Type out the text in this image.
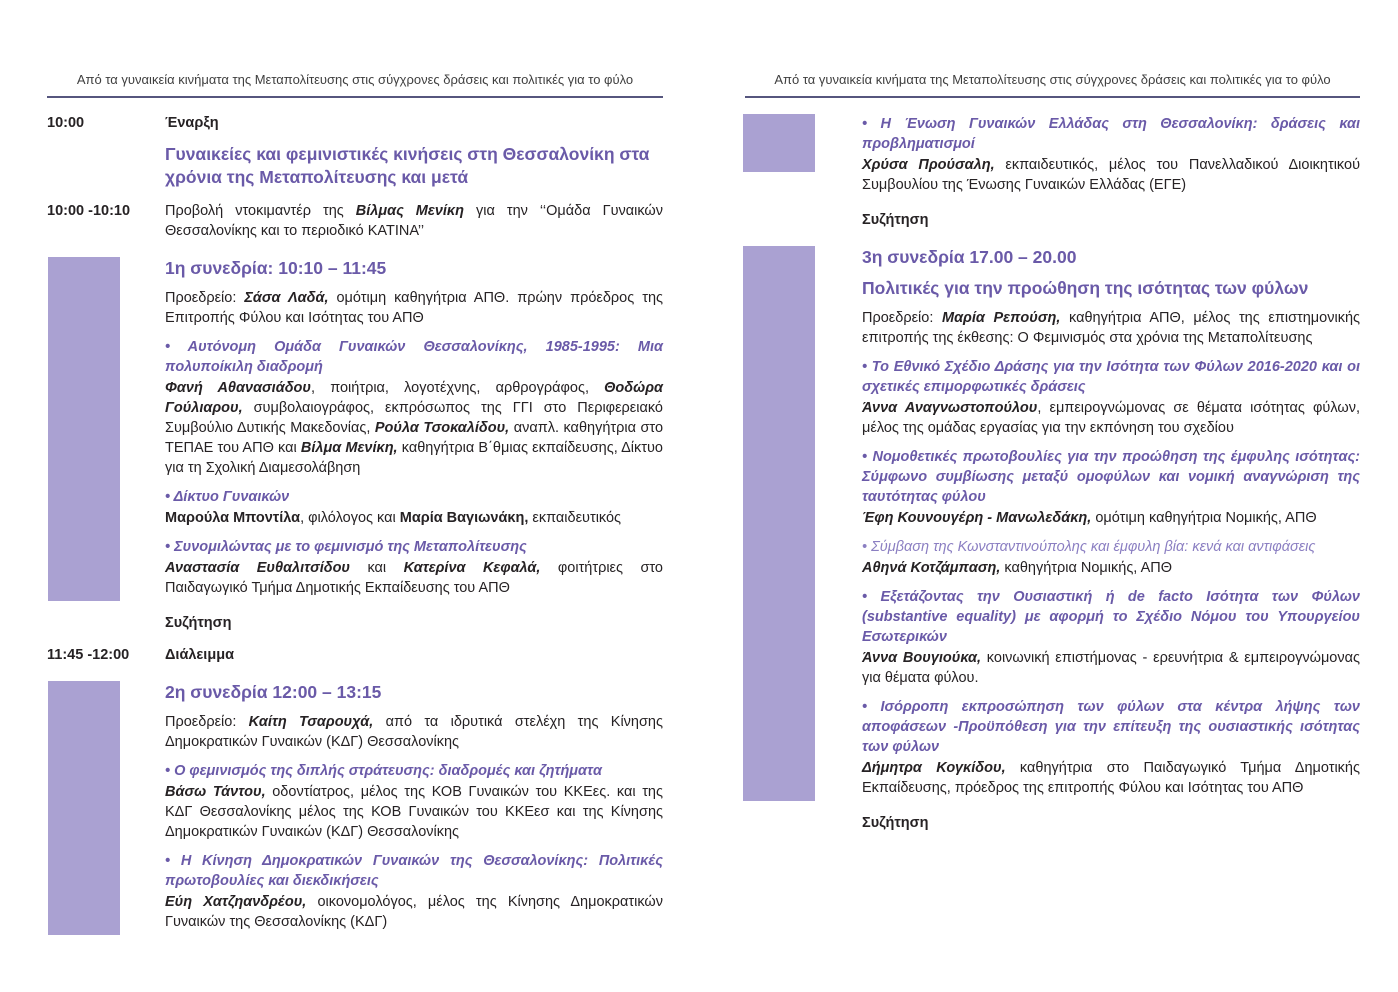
Από τα γυναικεία κινήματα της Μεταπολίτευσης στις σύγχρονες δράσεις και πολιτικές για το φύλο
10:00	Έναρξη
Γυναικείες και φεμινιστικές κινήσεις στη Θεσσαλονίκη στα χρόνια της Μεταπολίτευσης και μετά
10:00 -10:10	Προβολή ντοκιμαντέρ της Βίλμας Μενίκη για την ‘‘Ομάδα Γυναικών Θεσσαλονίκης και το περιοδικό ΚΑΤΙΝΑ’’
1η συνεδρία: 10:10 – 11:45

Προεδρείο: Σάσα Λαδά, ομότιμη καθηγήτρια ΑΠΘ. πρώην πρόεδρος της Επιτροπής Φύλου και Ισότητας του ΑΠΘ

• Αυτόνομη Ομάδα Γυναικών Θεσσαλονίκης, 1985-1995: Μια πολυποίκιλη διαδρομή

Φανή Αθανασιάδου, ποιήτρια, λογοτέχνης, αρθρογράφος, Θοδώρα Γούλιαρου, συμβολαιογράφος, εκπρόσωπος της ΓΓΙ στο Περιφερειακό Συμβούλιο Δυτικής Μακεδονίας, Ρούλα Τσοκαλίδου, αναπλ. καθηγήτρια στο ΤΕΠΑΕ του ΑΠΘ και Βίλμα Μενίκη, καθηγήτρια Β΄θμιας εκπαίδευσης, Δίκτυο για τη Σχολική Διαμεσολάβηση

• Δίκτυο Γυναικών

Μαρούλα Μποντίλα, φιλόλογος και Μαρία Βαγιωνάκη, εκπαιδευτικός

• Συνομιλώντας με το φεμινισμό της Μεταπολίτευσης

Αναστασία Ευθαλιτσίδου και Κατερίνα Κεφαλά, φοιτήτριες στο Παιδαγωγικό Τμήμα Δημοτικής Εκπαίδευσης του ΑΠΘ

Συζήτηση
11:45 -12:00	Διάλειμμα
2η συνεδρία 12:00 – 13:15

Προεδρείο: Καίτη Τσαρουχά, από τα ιδρυτικά στελέχη της Κίνησης Δημοκρατικών Γυναικών (ΚΔΓ) Θεσσαλονίκης

• Ο φεμινισμός της διπλής στράτευσης: διαδρομές και ζητήματα

Βάσω Τάντου, οδοντίατρος, μέλος της ΚΟΒ Γυναικών του ΚΚΕες. και της ΚΔΓ Θεσσαλονίκης μέλος της ΚΟΒ Γυναικών του ΚΚΕεσ και της Κίνησης Δημοκρατικών Γυναικών (ΚΔΓ) Θεσσαλονίκης

• Η Κίνηση Δημοκρατικών Γυναικών της Θεσσαλονίκης: Πολιτικές πρωτοβουλίες και διεκδικήσεις

Εύη Χατζηανδρέου, οικονομολόγος, μέλος της Κίνησης Δημοκρατικών Γυναικών της Θεσσαλονίκης (ΚΔΓ)

Από τα γυναικεία κινήματα της Μεταπολίτευσης στις σύγχρονες δράσεις και πολιτικές για το φύλο

• Η Ένωση Γυναικών Ελλάδας στη Θεσσαλονίκη: δράσεις και προβληματισμοί

Χρύσα Προύσαλη, εκπαιδευτικός, μέλος του Πανελλαδικού Διοικητικού Συμβουλίου της Ένωσης Γυναικών Ελλάδας (ΕΓΕ)

Συζήτηση
3η συνεδρία 17.00 – 20.00
Πολιτικές για την προώθηση της ισότητας των φύλων

Προεδρείο: Μαρία Ρεπούση, καθηγήτρια ΑΠΘ, μέλος της επιστημονικής επιτροπής της έκθεσης: Ο Φεμινισμός στα χρόνια της Μεταπολίτευσης

• Το Εθνικό Σχέδιο Δράσης για την Ισότητα των Φύλων 2016-2020 και οι σχετικές επιμορφωτικές δράσεις

Άννα Αναγνωστοπούλου, εμπειρογνώμονας σε θέματα ισότητας φύλων, μέλος της ομάδας εργασίας για την εκπόνηση του σχεδίου

• Νομοθετικές πρωτοβουλίες για την προώθηση της έμφυλης ισότητας: Σύμφωνο συμβίωσης μεταξύ ομοφύλων και νομική αναγνώριση της ταυτότητας φύλου

Έφη Κουνουγέρη - Μανωλεδάκη, ομότιμη καθηγήτρια Νομικής, ΑΠΘ

• Σύμβαση της Κωνσταντινούπολης και έμφυλη βία: κενά και αντιφάσεις

Αθηνά Κοτζάμπαση, καθηγήτρια Νομικής, ΑΠΘ

• Εξετάζοντας την Ουσιαστική ή de facto Ισότητα των Φύλων (substantive equality) με αφορμή το Σχέδιο Νόμου του Υπουργείου Εσωτερικών

Άννα Βουγιούκα, κοινωνική επιστήμονας - ερευνήτρια & εμπειρογνώμονας για θέματα φύλου.

• Ισόρροπη εκπροσώπηση των φύλων στα κέντρα λήψης των αποφάσεων -Προϋπόθεση για την επίτευξη της ουσιαστικής ισότητας των φύλων

Δήμητρα Κογκίδου, καθηγήτρια στο Παιδαγωγικό Τμήμα Δημοτικής Εκπαίδευσης, πρόεδρος της επιτροπής Φύλου και Ισότητας του ΑΠΘ

Συζήτηση
